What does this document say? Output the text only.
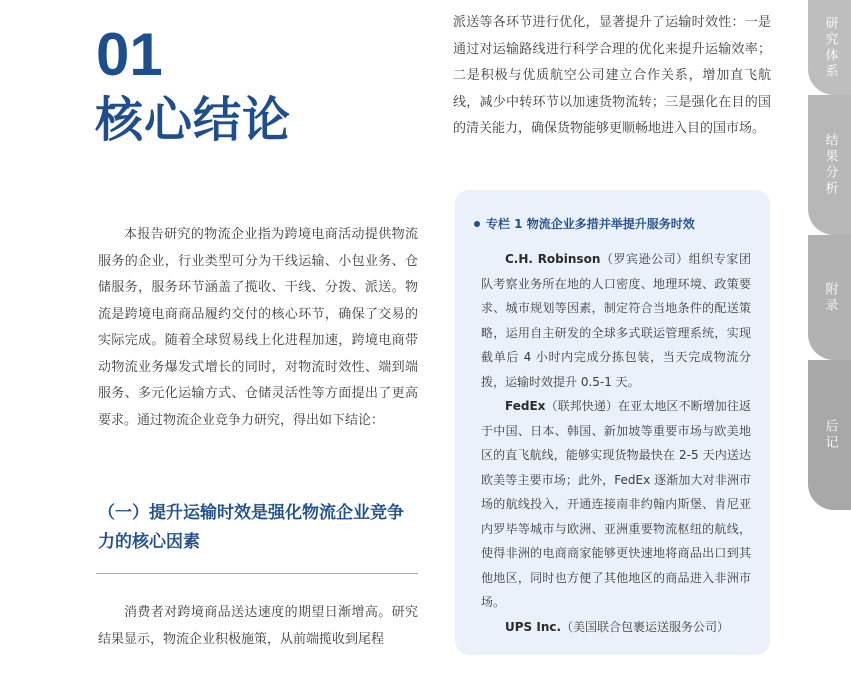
01
核心结论

本报告研究的物流企业指为跨境电商活动提供物流服务的企业，行业类型可分为干线运输、小包业务、仓储服务，服务环节涵盖了揽收、干线、分拨、派送。物流是跨境电商商品履约交付的核心环节，确保了交易的实际完成。随着全球贸易线上化进程加速，跨境电商带动物流业务爆发式增长的同时，对物流时效性、端到端服务、多元化运输方式、仓储灵活性等方面提出了更高要求。通过物流企业竞争力研究，得出如下结论：

（一）提升运输时效是强化物流企业竞争力的核心因素

消费者对跨境商品送达速度的期望日渐增高。研究结果显示，物流企业积极施策，从前端揽收到尾程

派送等各环节进行优化，显著提升了运输时效性：一是通过对运输路线进行科学合理的优化来提升运输效率；二是积极与优质航空公司建立合作关系，增加直飞航线，减少中转环节以加速货物流转；三是强化在目的国的清关能力，确保货物能够更顺畅地进入目的国市场。

专栏 1 物流企业多措并举提升服务时效

C.H. Robinson（罗宾逊公司）组织专家团队考察业务所在地的人口密度、地理环境、政策要求、城市规划等因素，制定符合当地条件的配送策略，运用自主研发的全球多式联运管理系统，实现截单后 4 小时内完成分拣包装，当天完成物流分拨，运输时效提升 0.5-1 天。

FedEx（联邦快递）在亚太地区不断增加往返于中国、日本、韩国、新加坡等重要市场与欧美地区的直飞航线，能够实现货物最快在 2-5 天内送达欧美等主要市场；此外，FedEx 逐渐加大对非洲市场的航线投入，开通连接南非约翰内斯堡、肯尼亚内罗毕等城市与欧洲、亚洲重要物流枢纽的航线，使得非洲的电商商家能够更快速地将商品出口到其他地区，同时也方便了其他地区的商品进入非洲市场。

UPS Inc.（美国联合包裹运送服务公司）

研究体系
结果分析
附录
后记
